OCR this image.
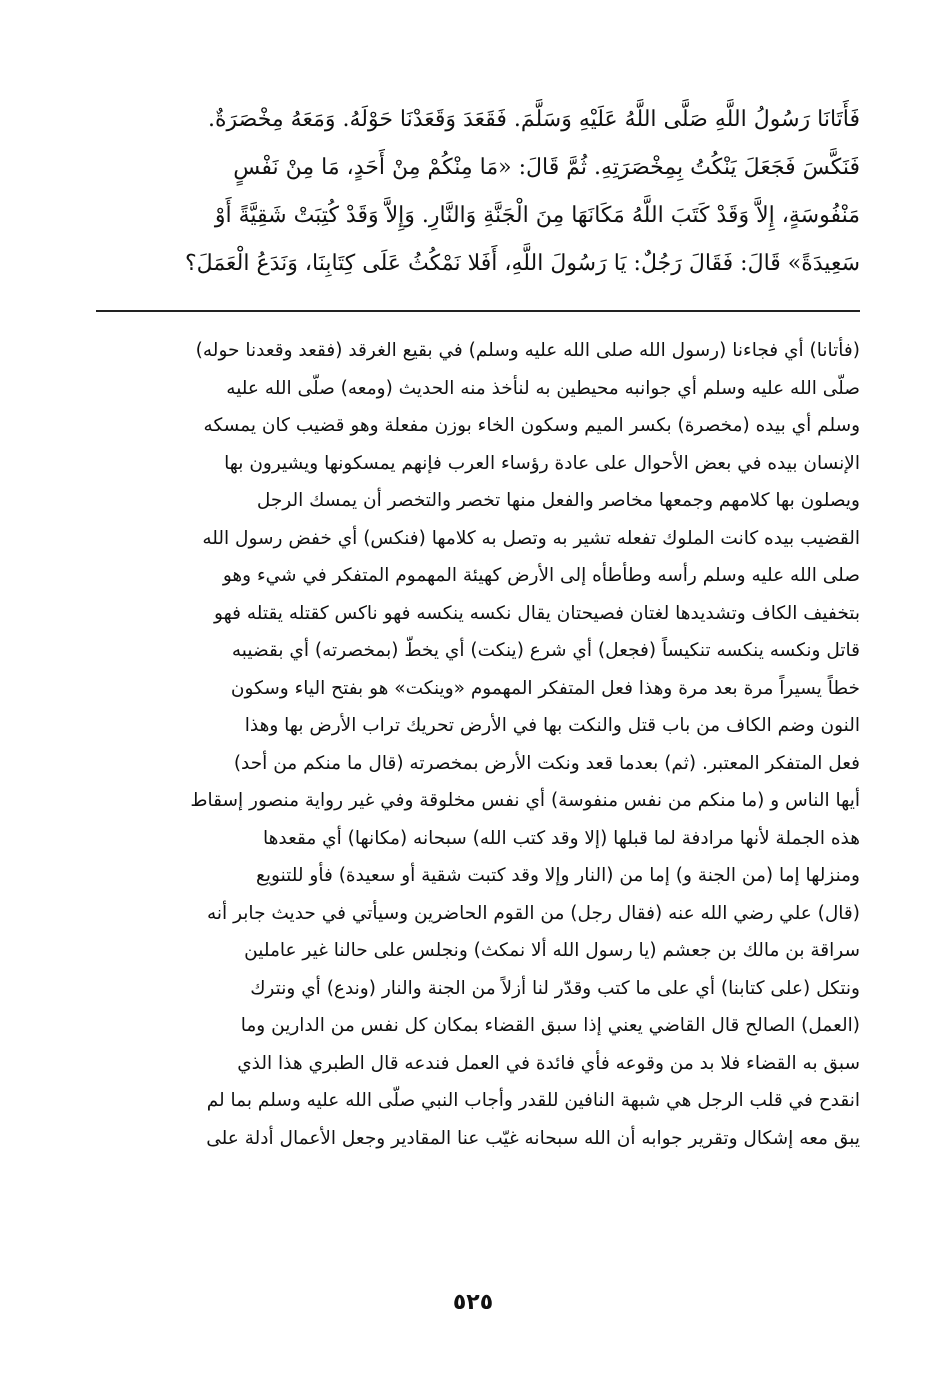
فَأَتَانَا رَسُولُ اللَّهِ صَلَّى اللَّهُ عَلَيْهِ وَسَلَّمَ. فَقَعَدَ وَقَعَدْنَا حَوْلَهُ. وَمَعَهُ مِخْصَرَةٌ.
فَنَكَّسَ فَجَعَلَ يَنْكُتُ بِمِخْصَرَتِهِ. ثُمَّ قَالَ: «مَا مِنْكُمْ مِنْ أَحَدٍ، مَا مِنْ نَفْسٍ
مَنْفُوسَةٍ، إِلاَّ وَقَدْ كَتَبَ اللَّهُ مَكَانَهَا مِنَ الْجَنَّةِ وَالنَّارِ. وَإِلاَّ وَقَدْ كُتِبَتْ شَقِيَّةً أَوْ
سَعِيدَةً» قَالَ: فَقَالَ رَجُلٌ: يَا رَسُولَ اللَّهِ، أَفَلا نَمْكُثُ عَلَى كِتَابِنَا، وَنَدَعُ الْعَمَلَ؟
(فأتانا) أي فجاءنا (رسول الله صلى الله عليه وسلم) في بقيع الغرقد (فقعد وقعدنا حوله)
صلّى الله عليه وسلم أي جوانبه محيطين به لنأخذ منه الحديث (ومعه) صلّى الله عليه
وسلم أي بيده (مخصرة) بكسر الميم وسكون الخاء بوزن مفعلة وهو قضيب كان يمسكه
الإنسان بيده في بعض الأحوال على عادة رؤساء العرب فإنهم يمسكونها ويشيرون بها
ويصلون بها كلامهم وجمعها مخاصر والفعل منها تخصر والتخصر أن يمسك الرجل
القضيب بيده كانت الملوك تفعله تشير به وتصل به كلامها (فنكس) أي خفض رسول الله
صلى الله عليه وسلم رأسه وطأطأه إلى الأرض كهيئة المهموم المتفكر في شيء وهو
بتخفيف الكاف وتشديدها لغتان فصيحتان يقال نكسه ينكسه فهو ناكس كقتله يقتله فهو
قاتل ونكسه ينكسه تنكيساً (فجعل) أي شرع (ينكت) أي يخطّ (بمخصرته) أي بقضيبه
خطاً يسيراً مرة بعد مرة وهذا فعل المتفكر المهموم «وينكت» هو بفتح الياء وسكون
النون وضم الكاف من باب قتل والنكت بها في الأرض تحريك تراب الأرض بها وهذا
فعل المتفكر المعتبر. (ثم) بعدما قعد ونكت الأرض بمخصرته (قال ما منكم من أحد)
أيها الناس و (ما منكم من نفس منفوسة) أي نفس مخلوقة وفي غير رواية منصور إسقاط
هذه الجملة لأنها مرادفة لما قبلها (إلا وقد كتب الله) سبحانه (مكانها) أي مقعدها
ومنزلها إما (من الجنة و) إما من (النار وإلا وقد كتبت شقية أو سعيدة) فأو للتنويع
(قال) علي رضي الله عنه (فقال رجل) من القوم الحاضرين وسيأتي في حديث جابر أنه
سراقة بن مالك بن جعشم (يا رسول الله ألا نمكث) ونجلس على حالنا غير عاملين
ونتكل (على كتابنا) أي على ما كتب وقدّر لنا أزلاً من الجنة والنار (وندع) أي ونترك
(العمل) الصالح قال القاضي يعني إذا سبق القضاء بمكان كل نفس من الدارين وما
سبق به القضاء فلا بد من وقوعه فأي فائدة في العمل فندعه قال الطبري هذا الذي
انقدح في قلب الرجل هي شبهة النافين للقدر وأجاب النبي صلّى الله عليه وسلم بما لم
يبق معه إشكال وتقرير جوابه أن الله سبحانه غيّب عنا المقادير وجعل الأعمال أدلة على
٥٢٥
